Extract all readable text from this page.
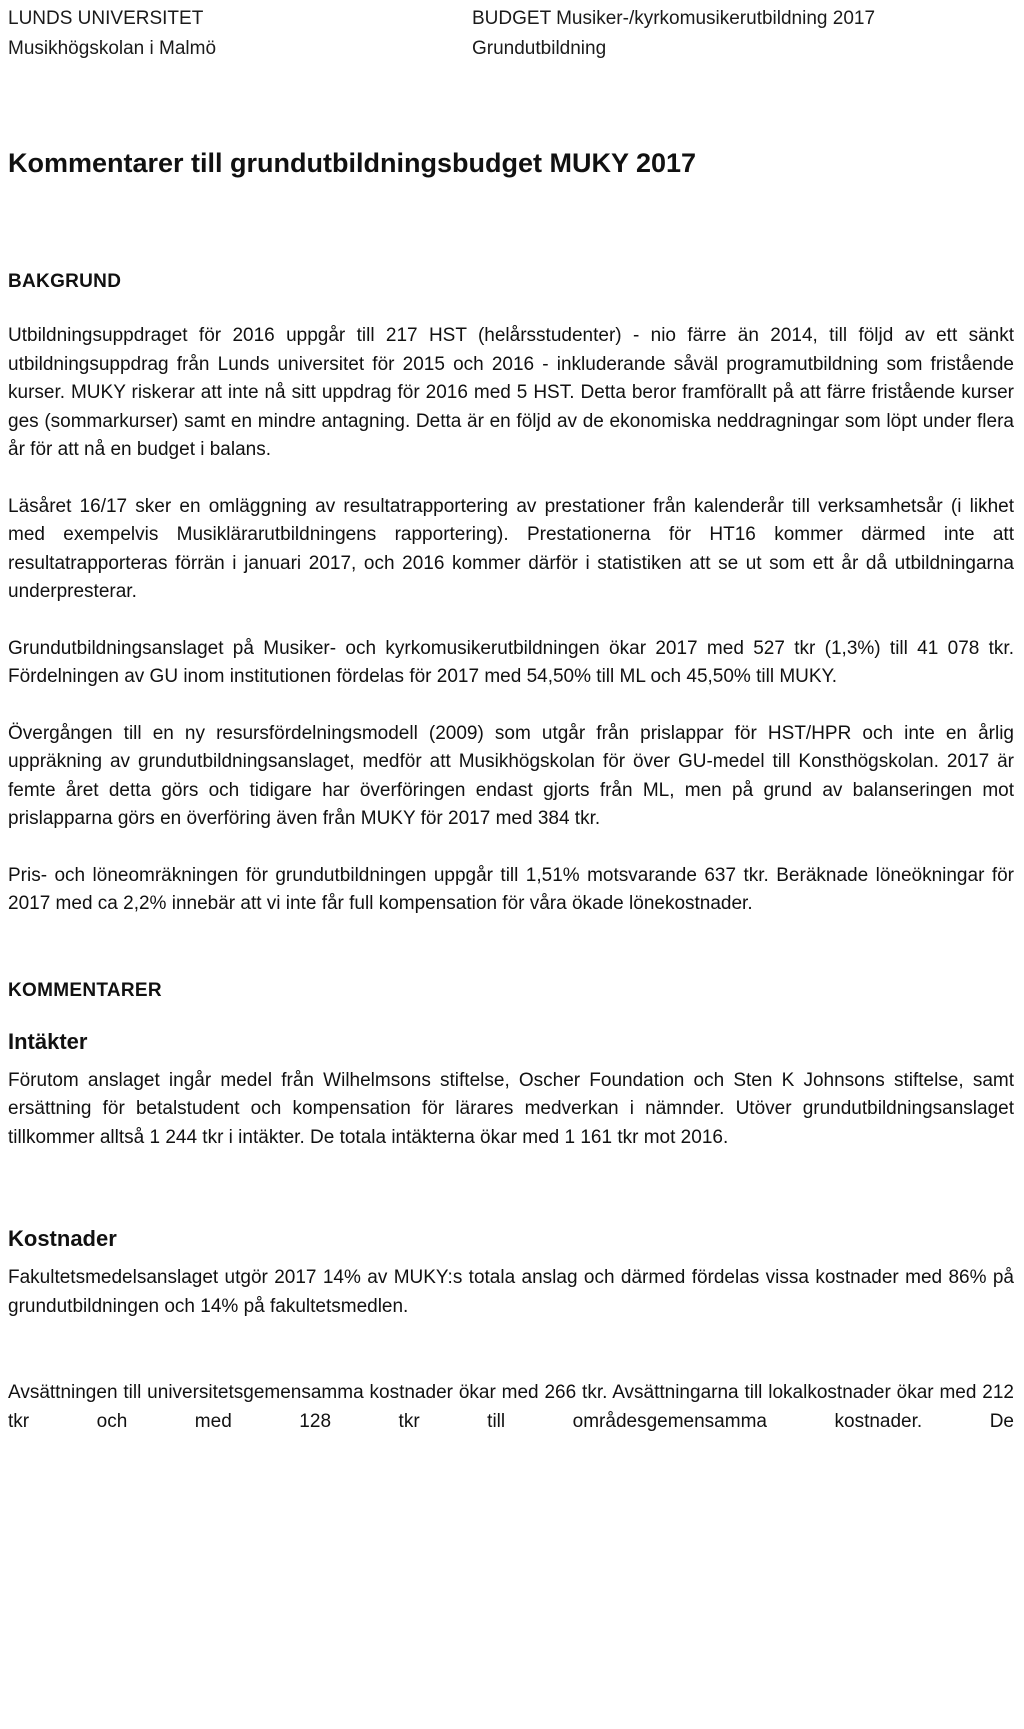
LUNDS UNIVERSITET
Musikhögskolan i Malmö
BUDGET Musiker-/kyrkomusikerutbildning 2017
Grundutbildning
Kommentarer till grundutbildningsbudget MUKY 2017
BAKGRUND

Utbildningsuppdraget för 2016 uppgår till 217 HST (helårsstudenter) - nio färre än 2014, till följd av ett sänkt utbildningsuppdrag från Lunds universitet för 2015 och 2016 - inkluderande såväl programutbildning som fristående kurser. MUKY riskerar att inte nå sitt uppdrag för 2016 med 5 HST. Detta beror framförallt på att färre fristående kurser ges (sommarkurser) samt en mindre antagning. Detta är en följd av de ekonomiska neddragningar som löpt under flera år för att nå en budget i balans.

Läsåret 16/17 sker en omläggning av resultatrapportering av prestationer från kalenderår till verksamhetsår (i likhet med exempelvis Musiklärarutbildningens rapportering). Prestationerna för HT16 kommer därmed inte att resultatrapporteras förrän i januari 2017, och 2016 kommer därför i statistiken att se ut som ett år då utbildningarna underpresterar.

Grundutbildningsanslaget på Musiker- och kyrkomusikerutbildningen ökar 2017 med 527 tkr (1,3%) till 41 078 tkr. Fördelningen av GU inom institutionen fördelas för 2017 med 54,50% till ML och 45,50% till MUKY.

Övergången till en ny resursfördelningsmodell (2009) som utgår från prislappar för HST/HPR och inte en årlig uppräkning av grundutbildningsanslaget, medför att Musikhögskolan för över GU-medel till Konsthögskolan. 2017 är femte året detta görs och tidigare har överföringen endast gjorts från ML, men på grund av balanseringen mot prislapparna görs en överföring även från MUKY för 2017 med 384 tkr.

Pris- och löneomräkningen för grundutbildningen uppgår till 1,51% motsvarande 637 tkr. Beräknade löneökningar för 2017 med ca 2,2% innebär att vi inte får full kompensation för våra ökade lönekostnader.

KOMMENTARER
Intäkter

Förutom anslaget ingår medel från Wilhelmsons stiftelse, Oscher Foundation och Sten K Johnsons stiftelse, samt ersättning för betalstudent och kompensation för lärares medverkan i nämnder. Utöver grundutbildningsanslaget tillkommer alltså 1 244 tkr i intäkter. De totala intäkterna ökar med 1 161 tkr mot 2016.

Kostnader

Fakultetsmedelsanslaget utgör 2017 14% av MUKY:s totala anslag och därmed fördelas vissa kostnader med 86% på grundutbildningen och 14% på fakultetsmedlen.

Avsättningen till universitetsgemensamma kostnader ökar med 266 tkr. Avsättningarna till lokalkostnader ökar med 212 tkr och med 128 tkr till områdesgemensamma kostnader. De
